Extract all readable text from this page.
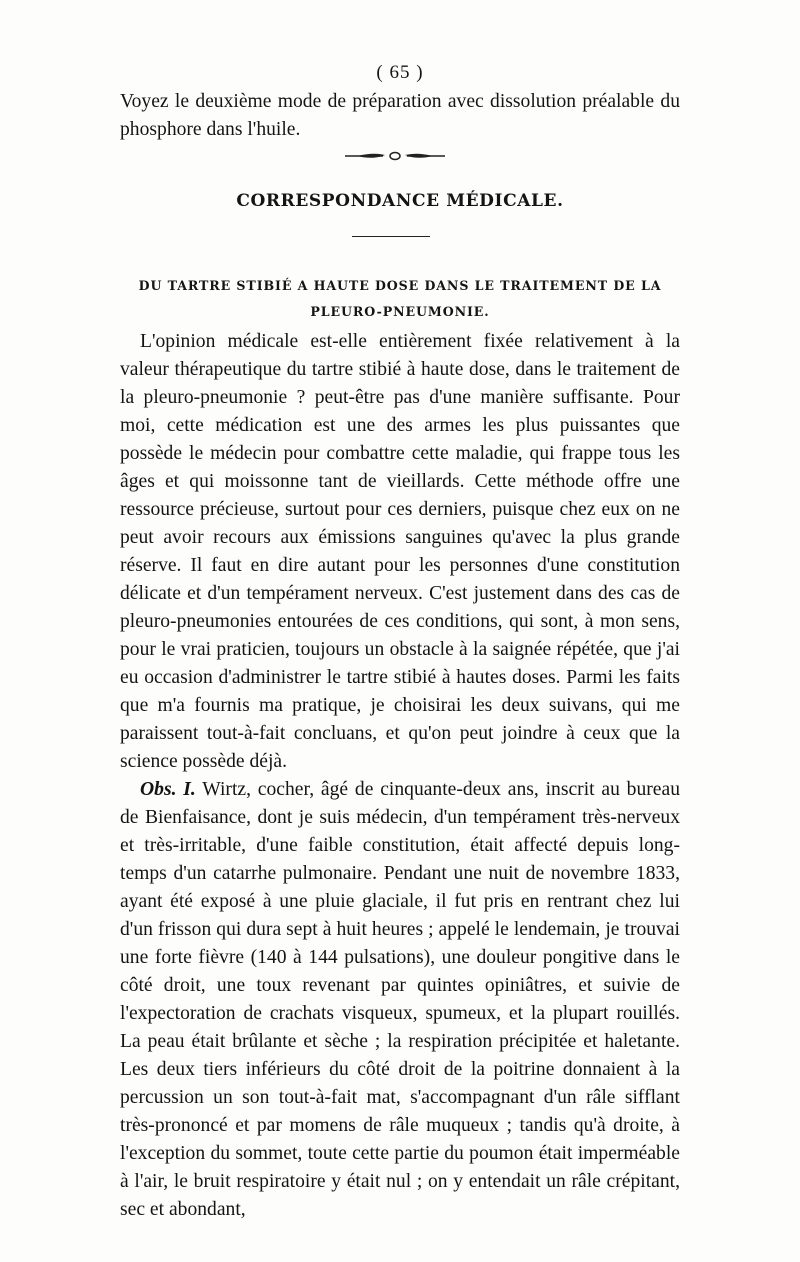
( 65 )

Voyez le deuxième mode de préparation avec dissolution préalable du phosphore dans l'huile.

CORRESPONDANCE MÉDICALE.
DU TARTRE STIBIÉ A HAUTE DOSE DANS LE TRAITEMENT DE LA
PLEURO-PNEUMONIE.

L'opinion médicale est-elle entièrement fixée relativement à la valeur thérapeutique du tartre stibié à haute dose, dans le traitement de la pleuro-pneumonie ? peut-être pas d'une manière suffisante. Pour moi, cette médication est une des armes les plus puissantes que possède le médecin pour combattre cette maladie, qui frappe tous les âges et qui moissonne tant de vieillards. Cette méthode offre une ressource précieuse, surtout pour ces derniers, puisque chez eux on ne peut avoir recours aux émissions sanguines qu'avec la plus grande réserve. Il faut en dire autant pour les personnes d'une constitution délicate et d'un tempérament nerveux. C'est justement dans des cas de pleuro-pneumonies entourées de ces conditions, qui sont, à mon sens, pour le vrai praticien, toujours un obstacle à la saignée répétée, que j'ai eu occasion d'administrer le tartre stibié à hautes doses. Parmi les faits que m'a fournis ma pratique, je choisirai les deux suivans, qui me paraissent tout-à-fait concluans, et qu'on peut joindre à ceux que la science possède déjà.

Obs. I. Wirtz, cocher, âgé de cinquante-deux ans, inscrit au bureau de Bienfaisance, dont je suis médecin, d'un tempérament très-nerveux et très-irritable, d'une faible constitution, était affecté depuis long-temps d'un catarrhe pulmonaire. Pendant une nuit de novembre 1833, ayant été exposé à une pluie glaciale, il fut pris en rentrant chez lui d'un frisson qui dura sept à huit heures ; appelé le lendemain, je trouvai une forte fièvre (140 à 144 pulsations), une douleur pongitive dans le côté droit, une toux revenant par quintes opiniâtres, et suivie de l'expectoration de crachats visqueux, spumeux, et la plupart rouillés. La peau était brûlante et sèche ; la respiration précipitée et haletante. Les deux tiers inférieurs du côté droit de la poitrine donnaient à la percussion un son tout-à-fait mat, s'accompagnant d'un râle sifflant très-prononcé et par momens de râle muqueux ; tandis qu'à droite, à l'exception du sommet, toute cette partie du poumon était imperméable à l'air, le bruit respiratoire y était nul ; on y entendait un râle crépitant, sec et abondant,
